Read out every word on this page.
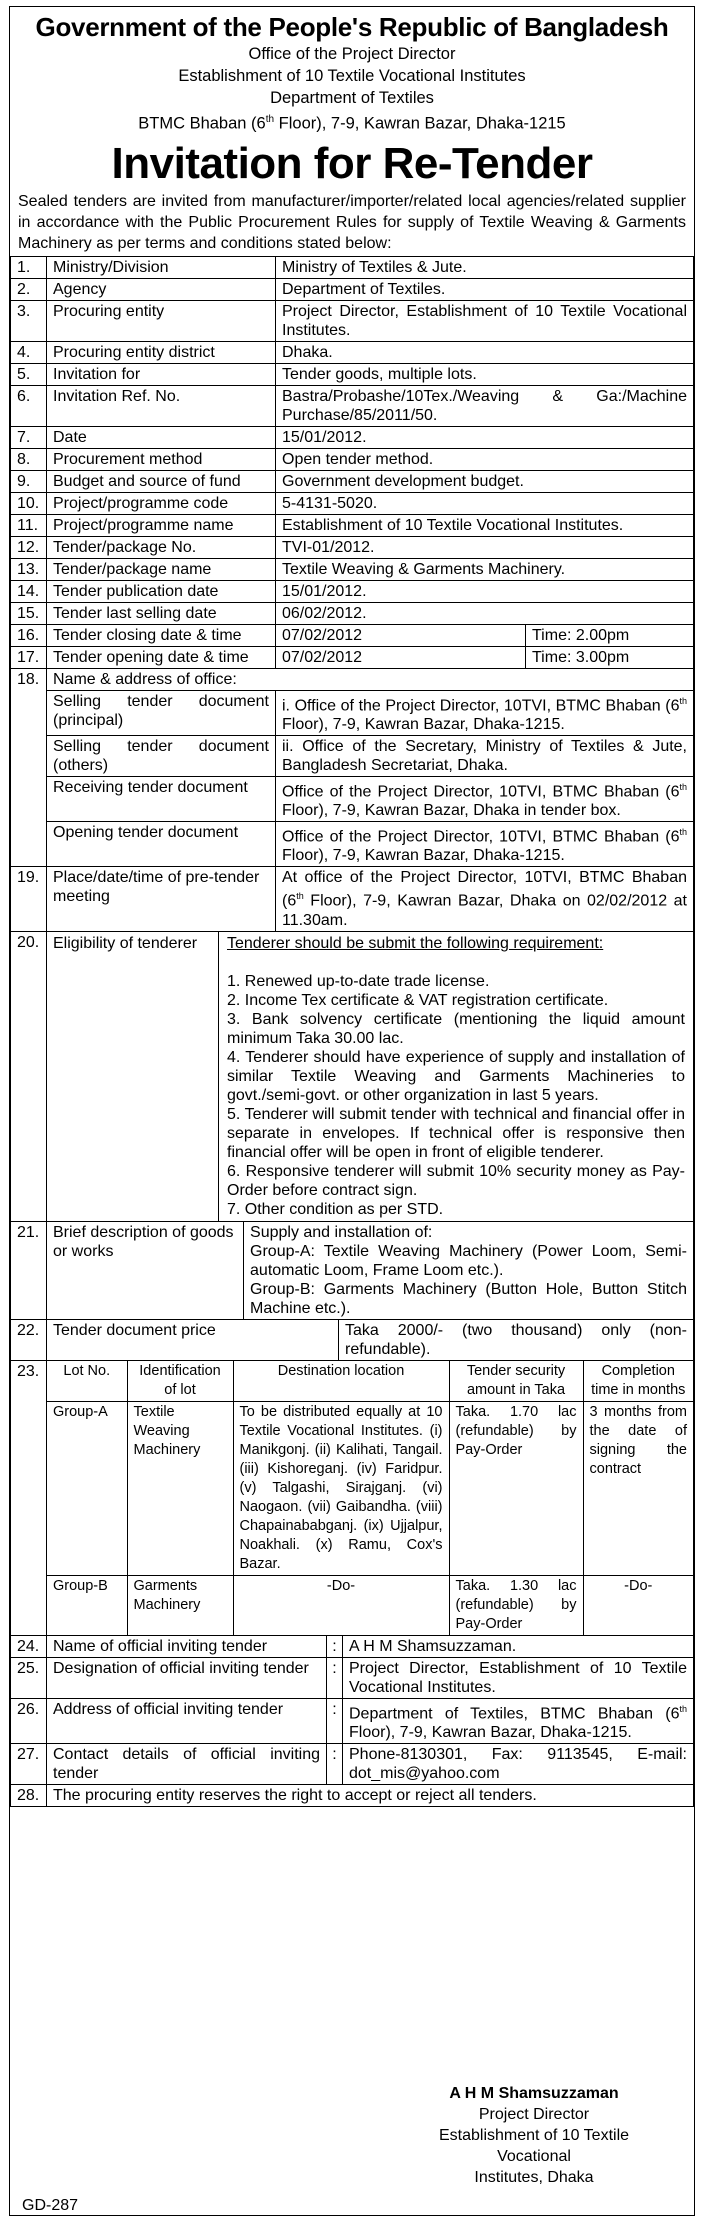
Government of the People's Republic of Bangladesh
Office of the Project Director
Establishment of 10 Textile Vocational Institutes
Department of Textiles
BTMC Bhaban (6th Floor), 7-9, Kawran Bazar, Dhaka-1215
Invitation for Re-Tender
Sealed tenders are invited from manufacturer/importer/related local agencies/related supplier in accordance with the Public Procurement Rules for supply of Textile Weaving & Garments Machinery as per terms and conditions stated below:
1.	Ministry/Division	Ministry of Textiles & Jute.
2.	Agency	Department of Textiles.
3.	Procuring entity	Project Director, Establishment of 10 Textile Vocational Institutes.
4.	Procuring entity district	Dhaka.
5.	Invitation for	Tender goods, multiple lots.
6.	Invitation Ref. No.	Bastra/Probashe/10Tex./Weaving & Ga:/Machine Purchase/85/2011/50.
7.	Date	15/01/2012.
8.	Procurement method	Open tender method.
9.	Budget and source of fund	Government development budget.
10.	Project/programme code	5-4131-5020.
11.	Project/programme name	Establishment of 10 Textile Vocational Institutes.
12.	Tender/package No.	TVI-01/2012.
13.	Tender/package name	Textile Weaving & Garments Machinery.
14.	Tender publication date	15/01/2012.
15.	Tender last selling date	06/02/2012.
16.	Tender closing date & time	07/02/2012	Time: 2.00pm
17.	Tender opening date & time	07/02/2012	Time: 3.00pm
18.	Name & address of office:	
	Selling tender document (principal)	i. Office of the Project Director, 10TVI, BTMC Bhaban (6th Floor), 7-9, Kawran Bazar, Dhaka-1215.
	Selling tender document (others)	ii. Office of the Secretary, Ministry of Textiles & Jute, Bangladesh Secretariat, Dhaka.
	Receiving tender document	Office of the Project Director, 10TVI, BTMC Bhaban (6th Floor), 7-9, Kawran Bazar, Dhaka in tender box.
	Opening tender document	Office of the Project Director, 10TVI, BTMC Bhaban (6th Floor), 7-9, Kawran Bazar, Dhaka-1215.
19.	Place/date/time of pre-tender meeting	At office of the Project Director, 10TVI, BTMC Bhaban (6th Floor), 7-9, Kawran Bazar, Dhaka on 02/02/2012 at 11.30am.
20.	Eligibility of tenderer	Tenderer should be submit the following requirement:
1. Renewed up-to-date trade license.
2. Income Tex certificate & VAT registration certificate.
3. Bank solvency certificate (mentioning the liquid amount minimum Taka 30.00 lac.
4. Tenderer should have experience of supply and installation of similar Textile Weaving and Garments Machineries to govt./semi-govt. or other organization in last 5 years.
5. Tenderer will submit tender with technical and financial offer in separate in envelopes. If technical offer is responsive then financial offer will be open in front of eligible tenderer.
6. Responsive tenderer will submit 10% security money as Pay-Order before contract sign.
7. Other condition as per STD.
21.	Brief description of goods or works	
Supply and installation of:
Group-A: Textile Weaving Machinery (Power Loom, Semi-automatic Loom, Frame Loom etc.).
Group-B: Garments Machinery (Button Hole, Button Stitch Machine etc.).
22.	Tender document price	Taka 2000/- (two thousand) only (non-refundable).
23.	Lot No.	Identification of lot	Destination location	Tender security amount in Taka	Completion time in months
Group-A	Textile Weaving Machinery	To be distributed equally at 10 Textile Vocational Institutes. (i) Manikgonj. (ii) Kalihati, Tangail. (iii) Kishoreganj. (iv) Faridpur. (v) Talgashi, Sirajganj. (vi) Naogaon. (vii) Gaibandha. (viii) Chapainababganj. (ix) Ujjalpur, Noakhali. (x) Ramu, Cox's Bazar.	Taka. 1.70 lac (refundable) by Pay-Order	3 months from the date of signing the contract
Group-B	Garments Machinery	-Do-	Taka. 1.30 lac (refundable) by Pay-Order	-Do-
24.	Name of official inviting tender	:	A H M Shamsuzzaman.
25.	Designation of official inviting tender	:	Project Director, Establishment of 10 Textile Vocational Institutes.
26.	Address of official inviting tender	:	Department of Textiles, BTMC Bhaban (6th Floor), 7-9, Kawran Bazar, Dhaka-1215.
27.	Contact details of official inviting tender	:	Phone-8130301, Fax: 9113545, E-mail: dot_mis@yahoo.com
28.	The procuring entity reserves the right to accept or reject all tenders.
A H M Shamsuzzaman
Project Director
Establishment of 10 Textile Vocational
Institutes, Dhaka
GD-287
